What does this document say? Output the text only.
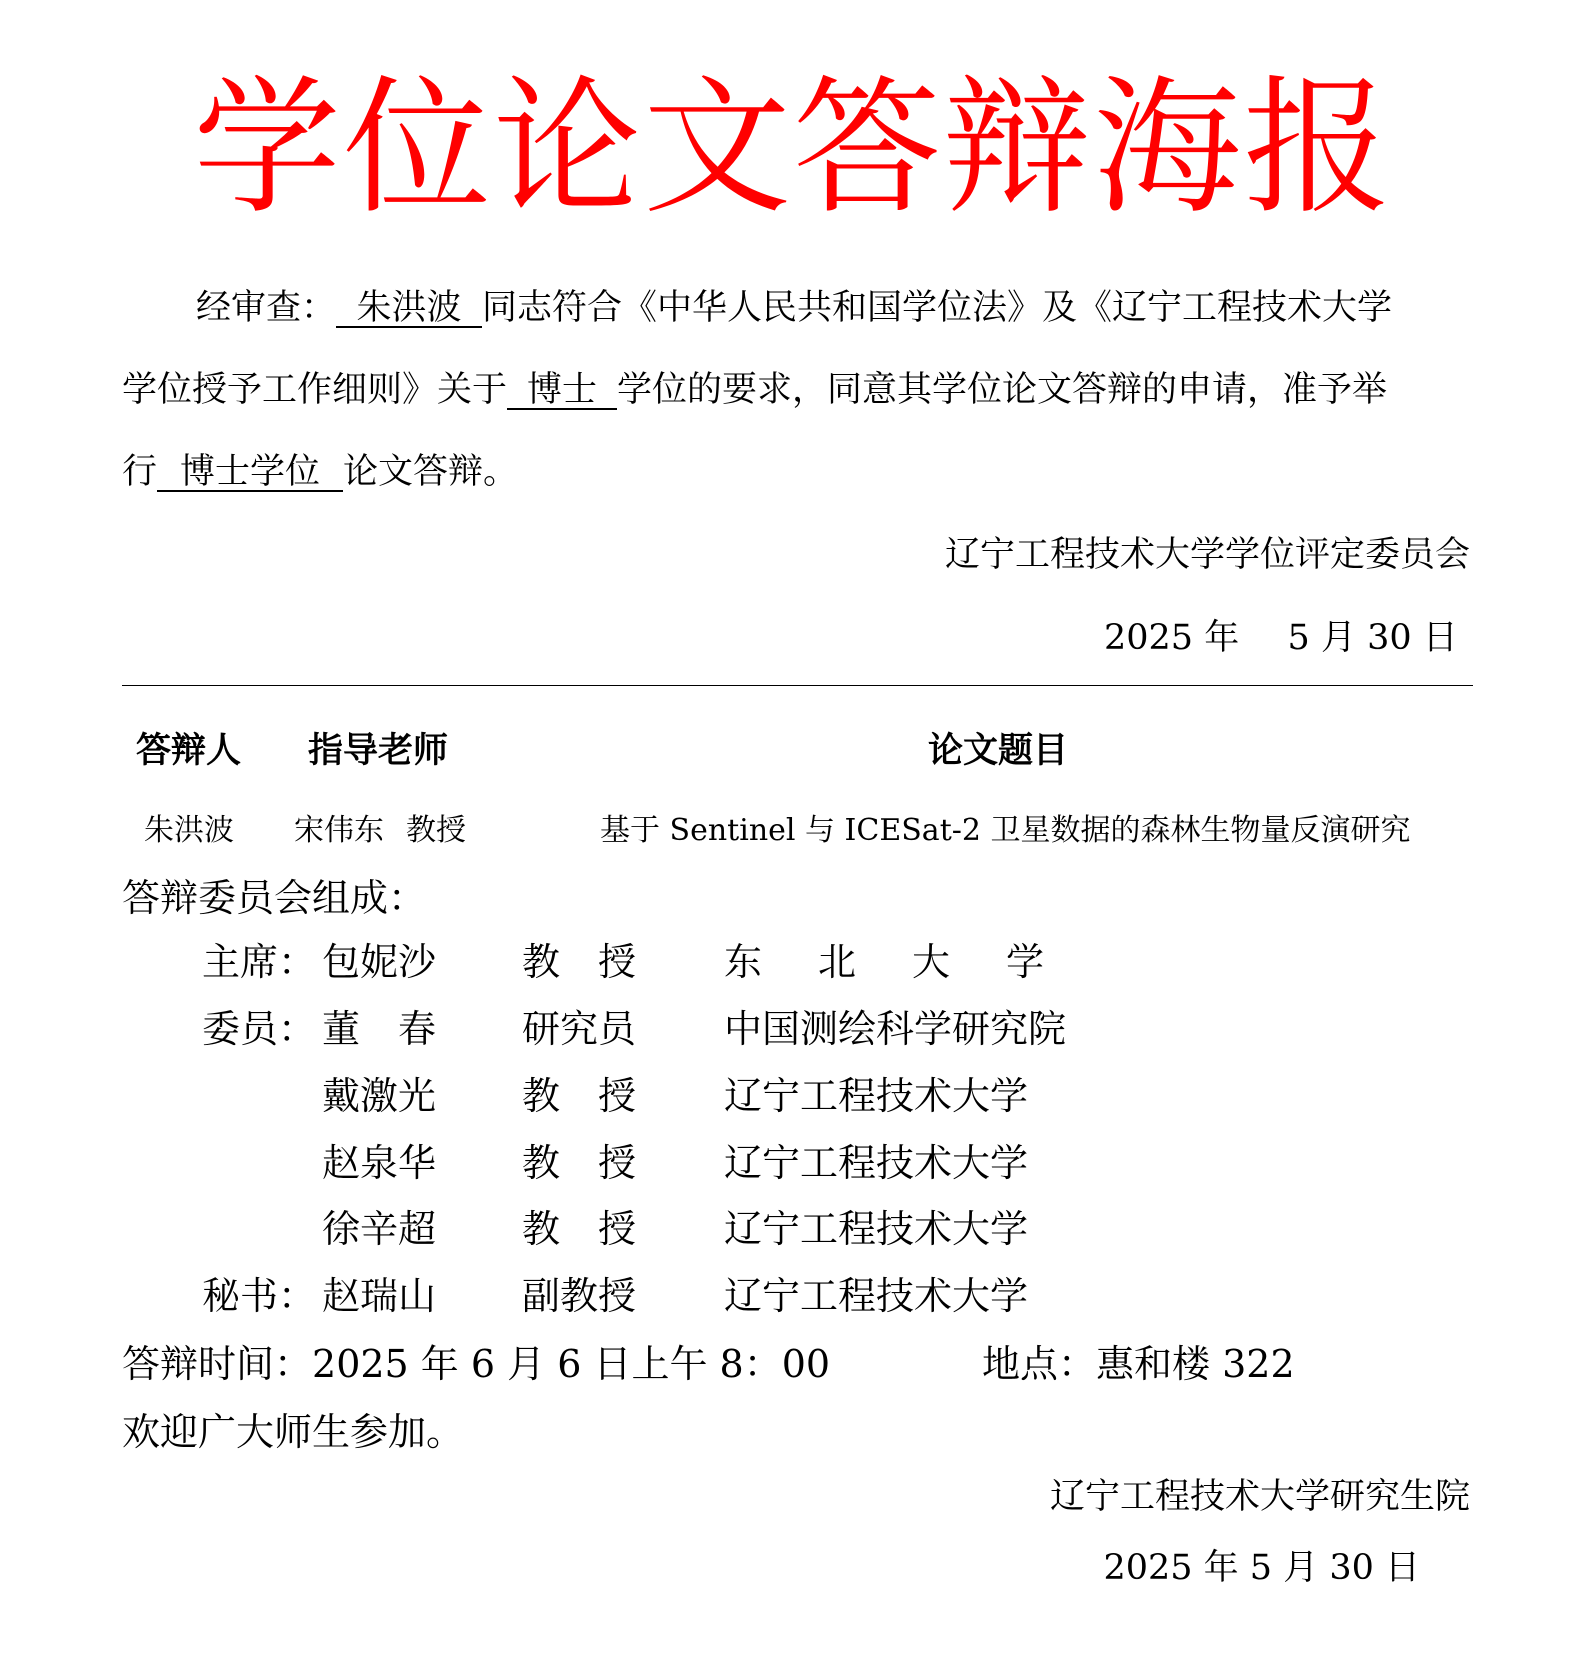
学位论文答辩海报
经审查： 朱洪波 同志符合《中华人民共和国学位法》及《辽宁工程技术大学
学位授予工作细则》关于 博士 学位的要求，同意其学位论文答辩的申请，准予举
行 博士学位 论文答辩。
辽宁工程技术大学学位评定委员会
2025 年 5 月 30 日
答辩人 指导老师	论文题目
朱洪波 宋伟东 教授	基于 Sentinel 与 ICESat-2 卫星数据的森林生物量反演研究
答辩委员会组成：
主席： 包妮沙 教授 东北大学
委员： 董春 研究员 中国测绘科学研究院
戴激光 教授 辽宁工程技术大学
赵泉华 教授 辽宁工程技术大学
徐辛超 教授 辽宁工程技术大学
秘书： 赵瑞山 副教授 辽宁工程技术大学
答辩时间：2025 年 6 月 6 日上午 8：00	地点：惠和楼 322
欢迎广大师生参加。
辽宁工程技术大学研究生院
2025 年 5 月 30 日
